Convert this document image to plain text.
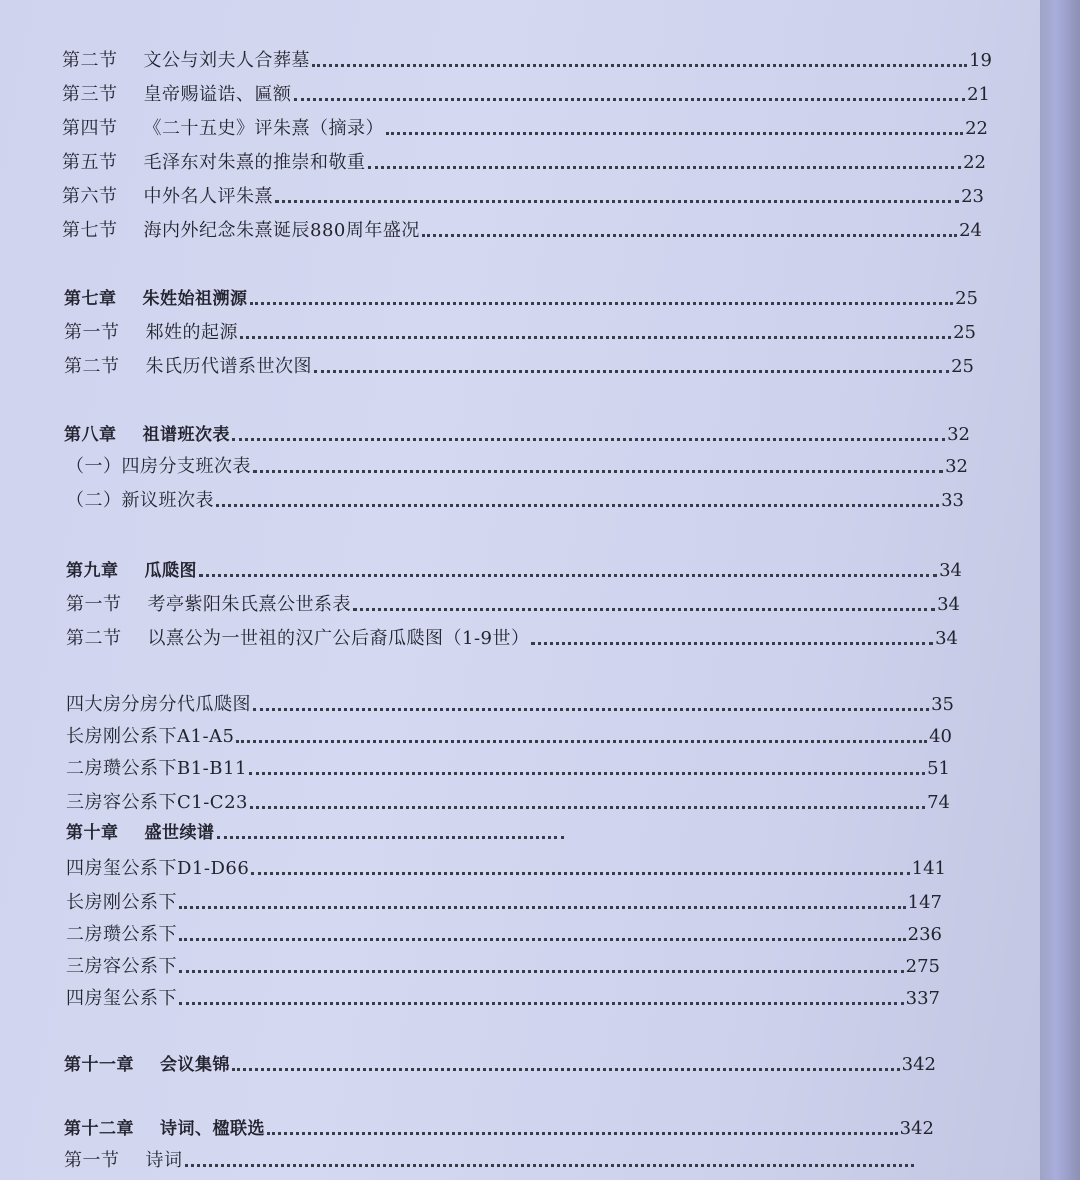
第二节 文公与刘夫人合葬墓	19
第三节 皇帝赐谥诰、匾额	21
第四节 《二十五史》评朱熹（摘录）	22
第五节 毛泽东对朱熹的推崇和敬重	22
第六节 中外名人评朱熹	23
第七节 海内外纪念朱熹诞辰880周年盛况	24
第七章 朱姓始祖溯源	25
第一节 邾姓的起源	25
第二节 朱氏历代谱系世次图	25
第八章 祖谱班次表	32
（一） 四房分支班次表	32
（二） 新议班次表	33
第九章 瓜瓞图	34
第一节 考亭紫阳朱氏熹公世系表	34
第二节 以熹公为一世祖的汉广公后裔瓜瓞图（1-9世）	34
四大房分房分代瓜瓞图	35
长房刚公系下A1-A5	40
二房瓒公系下B1-B11	51
三房容公系下C1-C23	74
四房玺公系下D1-D66	141
第十章 盛世续谱
长房刚公系下	147
二房瓒公系下	236
三房容公系下	275
四房玺公系下	337
第十一章 会议集锦	342
第十二章 诗词、楹联选	342
第一节 诗词
